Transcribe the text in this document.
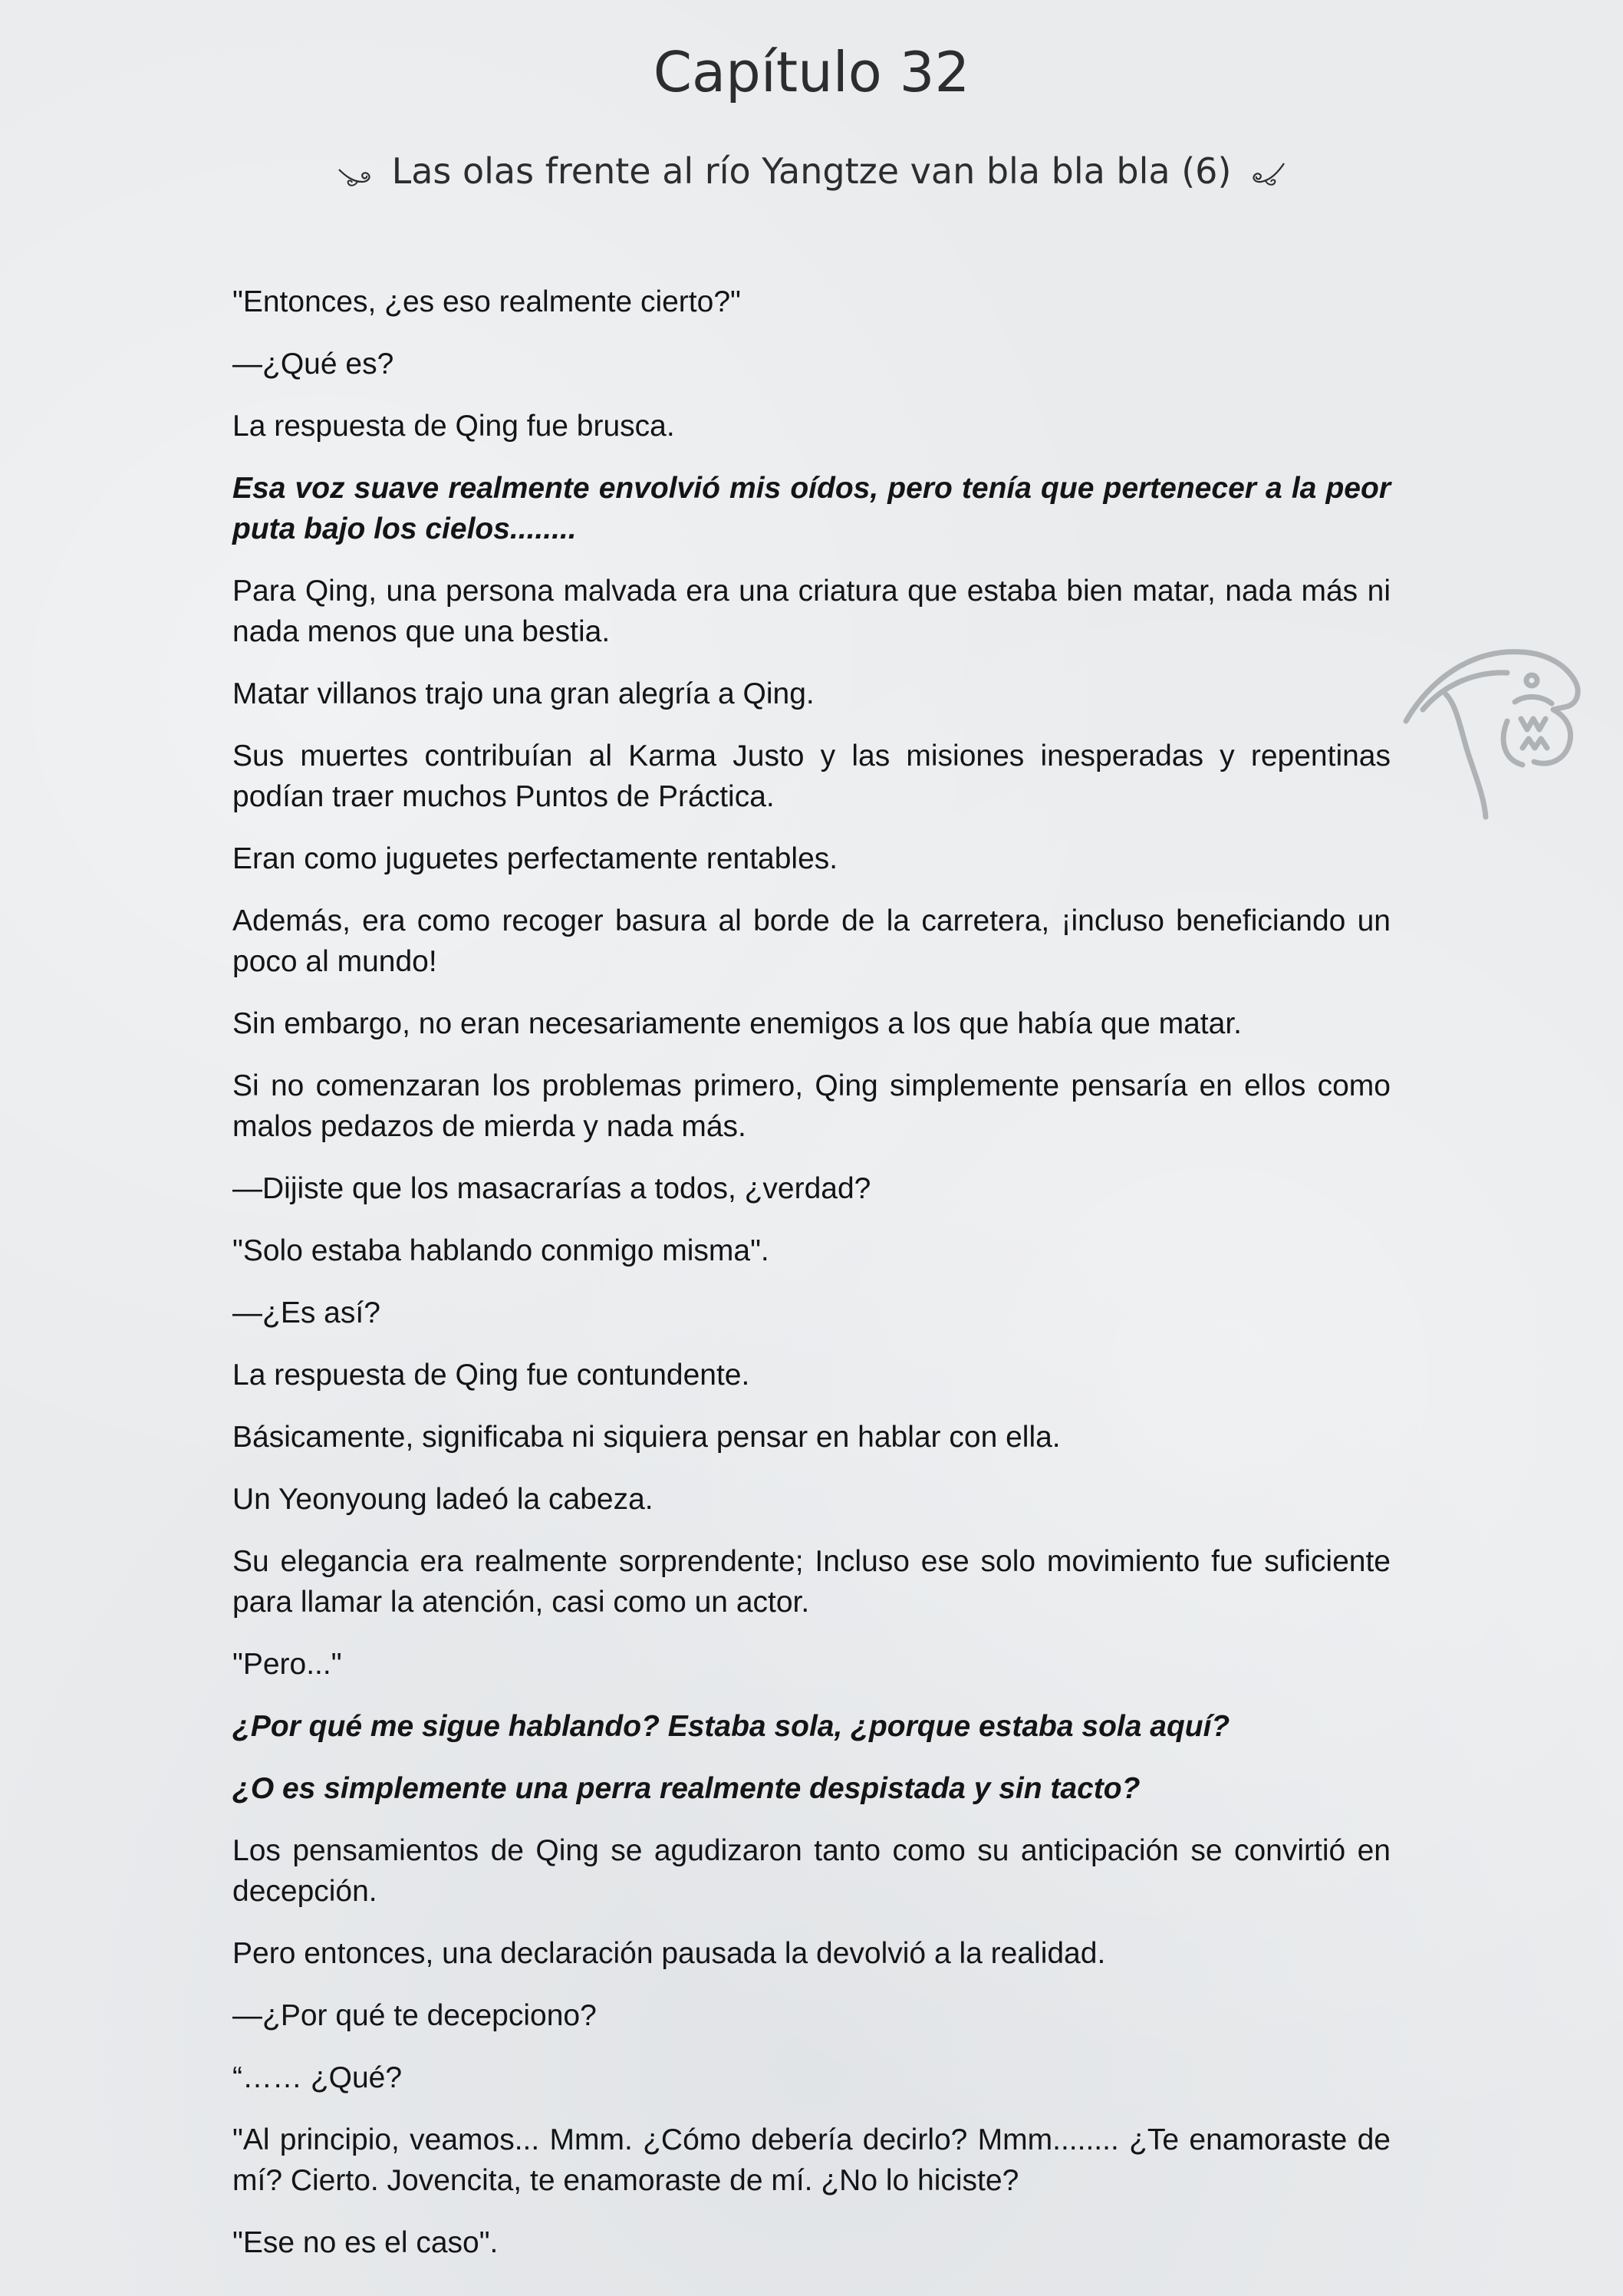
Capítulo 32
Las olas frente al río Yangtze van bla bla bla (6)

"Entonces, ¿es eso realmente cierto?"

—¿Qué es?

La respuesta de Qing fue brusca.

Esa voz suave realmente envolvió mis oídos, pero tenía que pertenecer a la peor puta bajo los cielos........

Para Qing, una persona malvada era una criatura que estaba bien matar, nada más ni nada menos que una bestia.

Matar villanos trajo una gran alegría a Qing.

Sus muertes contribuían al Karma Justo y las misiones inesperadas y repentinas podían traer muchos Puntos de Práctica.

Eran como juguetes perfectamente rentables.

Además, era como recoger basura al borde de la carretera, ¡incluso beneficiando un poco al mundo!

Sin embargo, no eran necesariamente enemigos a los que había que matar.

Si no comenzaran los problemas primero, Qing simplemente pensaría en ellos como malos pedazos de mierda y nada más.

—Dijiste que los masacrarías a todos, ¿verdad?

"Solo estaba hablando conmigo misma".

—¿Es así?

La respuesta de Qing fue contundente.

Básicamente, significaba ni siquiera pensar en hablar con ella.

Un Yeonyoung ladeó la cabeza.

Su elegancia era realmente sorprendente; Incluso ese solo movimiento fue suficiente para llamar la atención, casi como un actor.

"Pero..."

¿Por qué me sigue hablando? Estaba sola, ¿porque estaba sola aquí?

¿O es simplemente una perra realmente despistada y sin tacto?

Los pensamientos de Qing se agudizaron tanto como su anticipación se convirtió en decepción.

Pero entonces, una declaración pausada la devolvió a la realidad.

—¿Por qué te decepciono?

“…… ¿Qué?

"Al principio, veamos... Mmm. ¿Cómo debería decirlo? Mmm........ ¿Te enamoraste de mí? Cierto. Jovencita, te enamoraste de mí. ¿No lo hiciste?

"Ese no es el caso".
